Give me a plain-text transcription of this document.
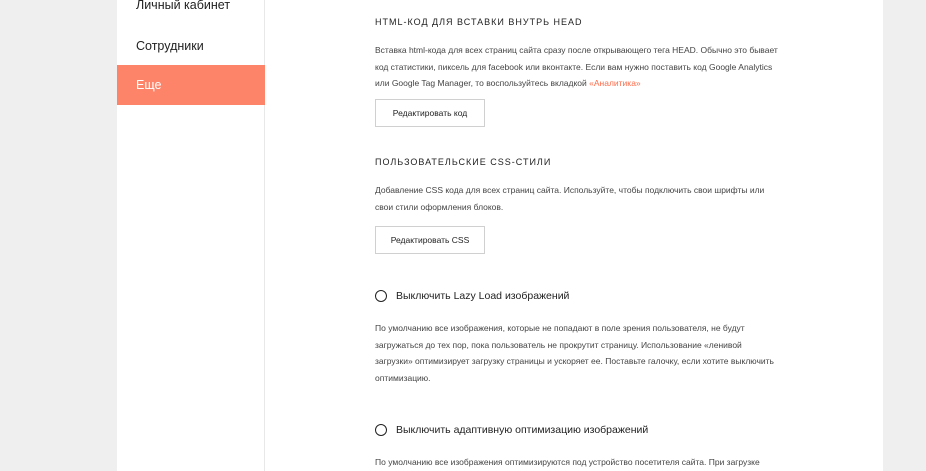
Личный кабинет
Сотрудники
Еще
HTML-КОД ДЛЯ ВСТАВКИ ВНУТРЬ HEAD
Вставка html-кода для всех страниц сайта сразу после открывающего тега HEAD. Обычно это бывает
код статистики, пиксель для facebook или вконтакте. Если вам нужно поставить код Google Analytics
или Google Tag Manager, то воспользуйтесь вкладкой «Аналитика»
Редактировать код
ПОЛЬЗОВАТЕЛЬСКИЕ CSS-СТИЛИ
Добавление CSS кода для всех страниц сайта. Используйте, чтобы подключить свои шрифты или
свои стили оформления блоков.
Редактировать CSS
Выключить Lazy Load изображений
По умолчанию все изображения, которые не попадают в поле зрения пользователя, не будут
загружаться до тех пор, пока пользователь не прокрутит страницу. Использование «ленивой
загрузки» оптимизирует загрузку страницы и ускоряет ее. Поставьте галочку, если хотите выключить
оптимизацию.
Выключить адаптивную оптимизацию изображений
По умолчанию все изображения оптимизируются под устройство посетителя сайта. При загрузке
